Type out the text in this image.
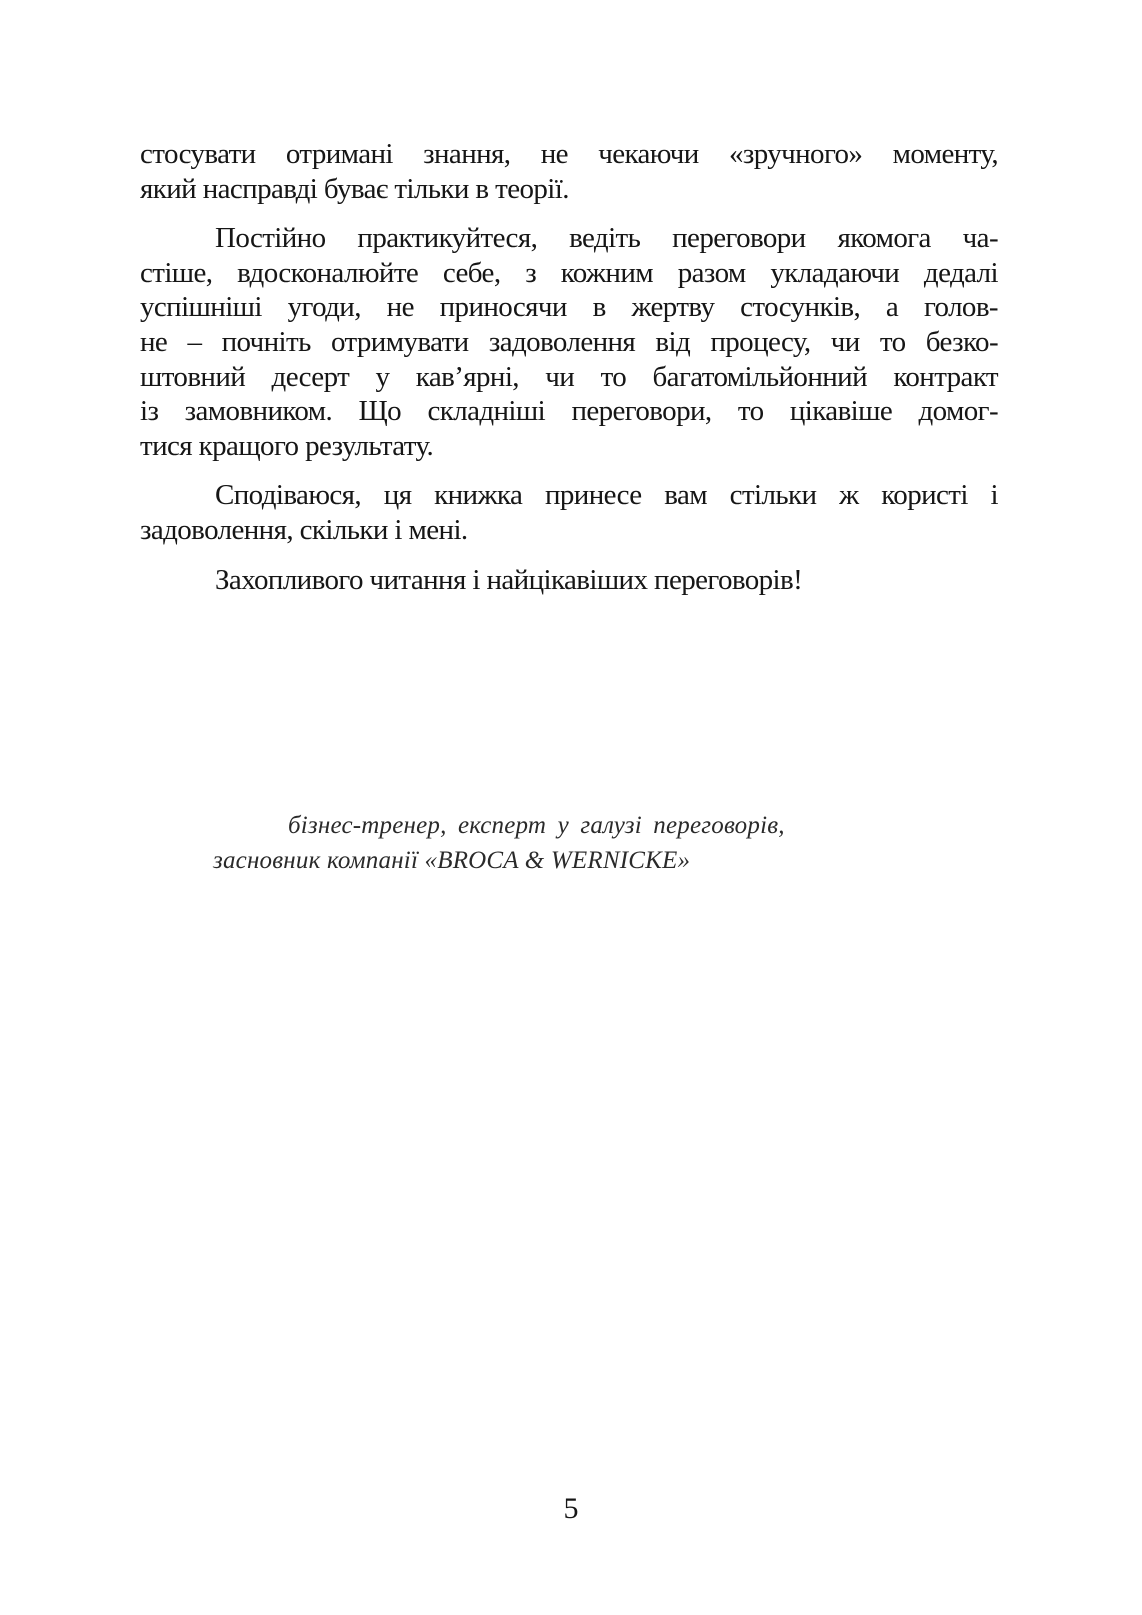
стосувати отримані знання, не чекаючи «зручного» моменту,
який насправді буває тільки в теорії.
Постійно практикуйтеся, ведіть переговори якомога ча-
стіше, вдосконалюйте себе, з кожним разом укладаючи дедалі
успішніші угоди, не приносячи в жертву стосунків, а голов-
не – почніть отримувати задоволення від процесу, чи то безко-
штовний десерт у кав’ярні, чи то багатомільйонний контракт
із замовником. Що складніші переговори, то цікавіше домог-
тися кращого результату.
Сподіваюся, ця книжка принесе вам стільки ж користі і
задоволення, скільки і мені.
Захопливого читання і найцікавіших переговорів!
бізнес-тренер, експерт у галузі переговорів,
засновник компанії «BROCA & WERNICKE»
5
